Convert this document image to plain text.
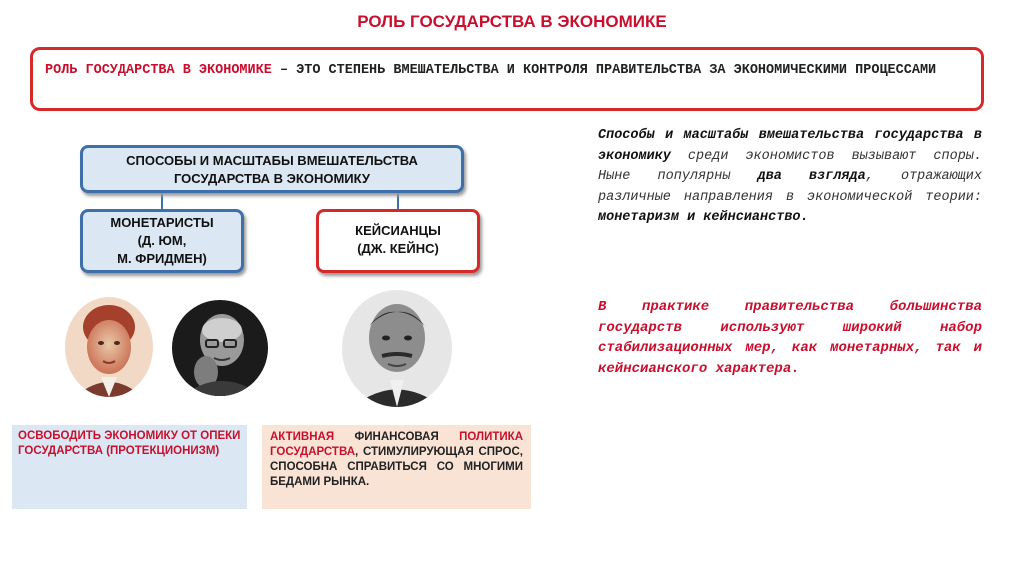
РОЛЬ ГОСУДАРСТВА В ЭКОНОМИКЕ
РОЛЬ ГОСУДАРСТВА В ЭКОНОМИКЕ – ЭТО СТЕПЕНЬ ВМЕШАТЕЛЬСТВА И КОНТРОЛЯ ПРАВИТЕЛЬСТВА ЗА ЭКОНОМИЧЕСКИМИ ПРОЦЕССАМИ
СПОСОБЫ И МАСШТАБЫ ВМЕШАТЕЛЬСТВА
ГОСУДАРСТВА В ЭКОНОМИКУ
МОНЕТАРИСТЫ
(Д. ЮМ,
М. ФРИДМЕН)
КЕЙСИАНЦЫ
(ДЖ. КЕЙНС)
ОСВОБОДИТЬ ЭКОНОМИКУ ОТ ОПЕКИ ГОСУДАРСТВА (ПРОТЕКЦИОНИЗМ)
АКТИВНАЯ ФИНАНСОВАЯ ПОЛИТИКА ГОСУДАРСТВА, СТИМУЛИРУЮЩАЯ СПРОС, СПОСОБНА СПРАВИТЬСЯ СО МНОГИМИ БЕДАМИ РЫНКА.
Способы и масштабы вмешательства государства в экономику среди экономистов вызывают споры. Ныне популярны два взгляда, отражающих различные направления в экономической теории: монетаризм и кейнсианство.
В практике правительства большинства государств используют широкий набор стабилизационных мер, как монетарных, так и кейнсианского характера.
